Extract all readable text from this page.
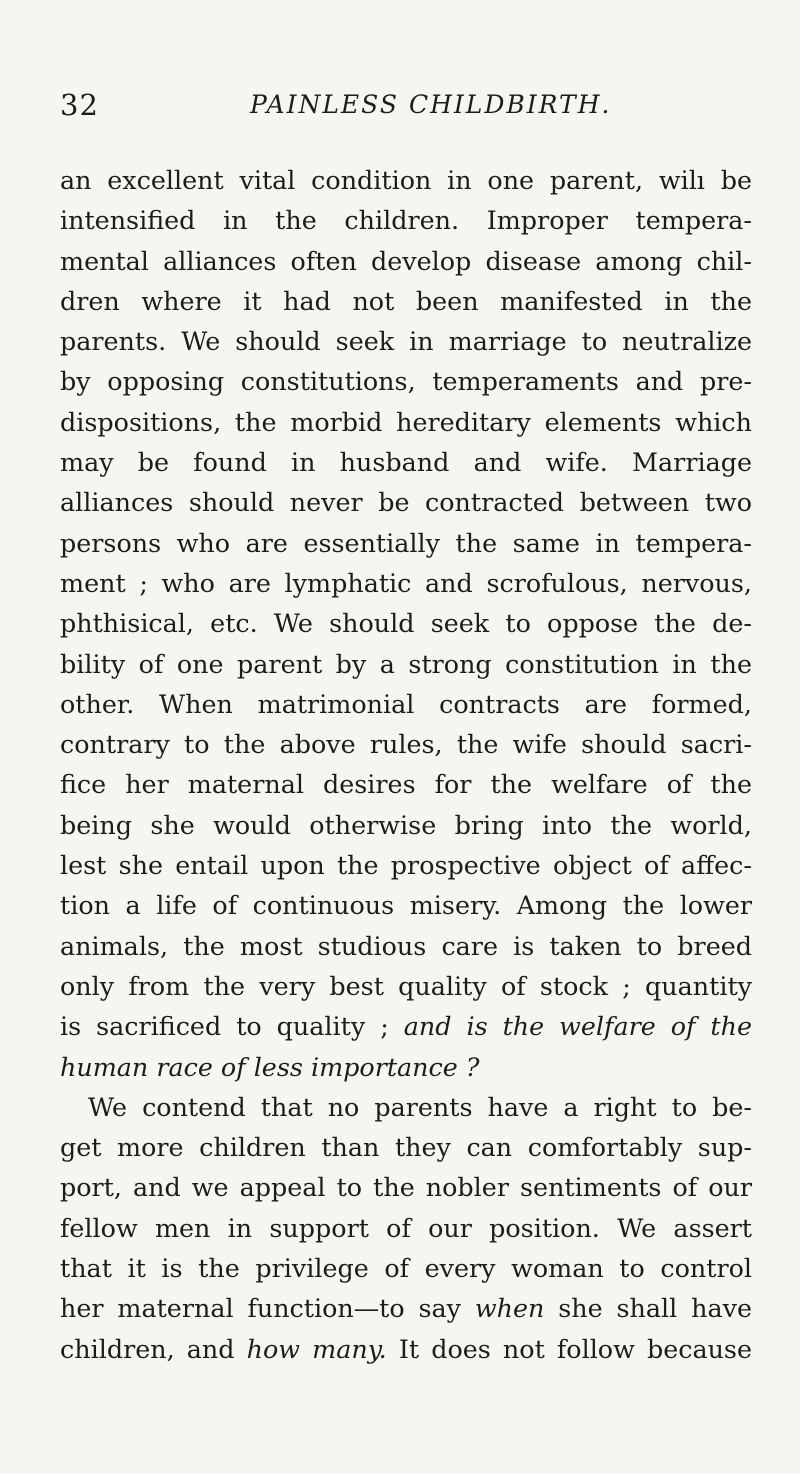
32	PAINLESS CHILDBIRTH.
an excellent vital condition in one parent, wilı be
intensified in the children. Improper tempera-
mental alliances often develop disease among chil-
dren where it had not been manifested in the
parents. We should seek in marriage to neutralize
by opposing constitutions, temperaments and pre-
dispositions, the morbid hereditary elements which
may be found in husband and wife. Marriage
alliances should never be contracted between two
persons who are essentially the same in tempera-
ment ; who are lymphatic and scrofulous, nervous,
phthisical, etc. We should seek to oppose the de-
bility of one parent by a strong constitution in the
other. When matrimonial contracts are formed,
contrary to the above rules, the wife should sacri-
fice her maternal desires for the welfare of the
being she would otherwise bring into the world,
lest she entail upon the prospective object of affec-
tion a life of continuous misery. Among the lower
animals, the most studious care is taken to breed
only from the very best quality of stock ; quantity
is sacrificed to quality ; and is the welfare of the
human race of less importance ?
We contend that no parents have a right to be-
get more children than they can comfortably sup-
port, and we appeal to the nobler sentiments of our
fellow men in support of our position. We assert
that it is the privilege of every woman to control
her maternal function—to say when she shall have
children, and how many. It does not follow because
